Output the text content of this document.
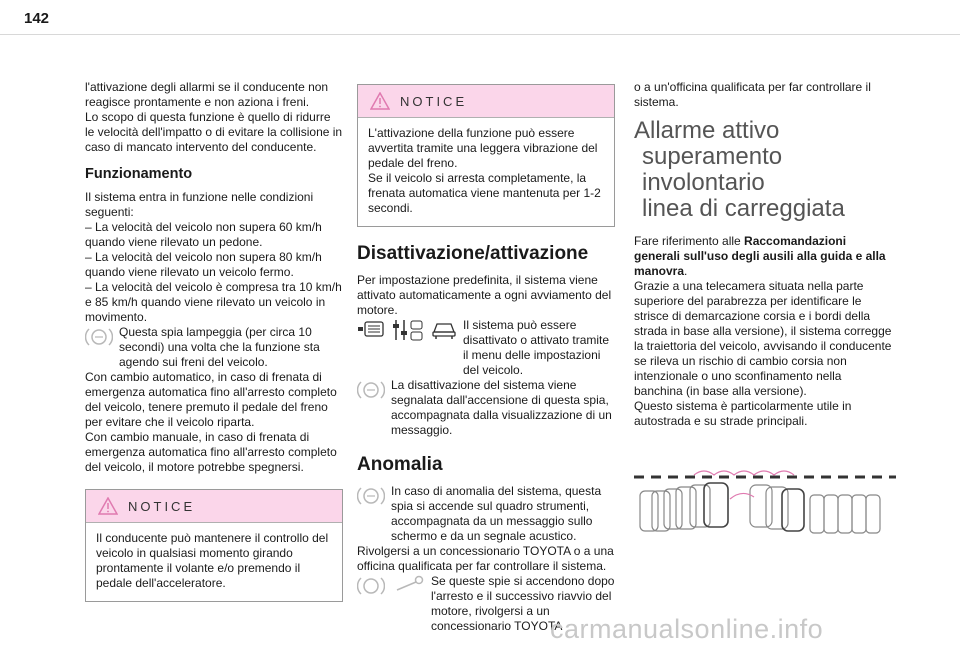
142

l'attivazione degli allarmi se il conducente non reagisce prontamente e non aziona i freni.

Lo scopo di questa funzione è quello di ridurre le velocità dell'impatto o di evitare la collisione in caso di mancato intervento del conducente.

Funzionamento

Il sistema entra in funzione nelle condizioni seguenti:

– La velocità del veicolo non supera 60 km/h quando viene rilevato un pedone.

– La velocità del veicolo non supera 80 km/h quando viene rilevato un veicolo fermo.

– La velocità del veicolo è compresa tra 10 km/h e 85 km/h quando viene rilevato un veicolo in movimento.

Questa spia lampeggia (per circa 10 secondi) una volta che la funzione sta agendo sui freni del veicolo.

Con cambio automatico, in caso di frenata di emergenza automatica fino all'arresto completo del veicolo, tenere premuto il pedale del freno per evitare che il veicolo riparta.

Con cambio manuale, in caso di frenata di emergenza automatica fino all'arresto completo del veicolo, il motore potrebbe spegnersi.

NOTICE

Il conducente può mantenere il controllo del veicolo in qualsiasi momento girando prontamente il volante e/o premendo il pedale dell'acceleratore.

NOTICE

L'attivazione della funzione può essere avvertita tramite una leggera vibrazione del pedale del freno.

Se il veicolo si arresta completamente, la frenata automatica viene mantenuta per 1-2 secondi.

Disattivazione/attivazione

Per impostazione predefinita, il sistema viene attivato automaticamente a ogni avviamento del motore.

Il sistema può essere disattivato o attivato tramite il menu delle impostazioni del veicolo.

La disattivazione del sistema viene segnalata dall'accensione di questa spia, accompagnata dalla visualizzazione di un messaggio.

Anomalia

In caso di anomalia del sistema, questa spia si accende sul quadro strumenti, accompagnata da un messaggio sullo schermo e da un segnale acustico.

Rivolgersi a un concessionario TOYOTA o a una officina qualificata per far controllare il sistema.

Se queste spie si accendono dopo l'arresto e il successivo riavvio del motore, rivolgersi a un concessionario TOYOTA

o a un'officina qualificata per far controllare il sistema.

Allarme attivo
superamento involontario
linea di carreggiata

Fare riferimento alle Raccomandazioni generali sull'uso degli ausili alla guida e alla manovra.

Grazie a una telecamera situata nella parte superiore del parabrezza per identificare le strisce di demarcazione corsia e i bordi della strada in base alla versione), il sistema corregge la traiettoria del veicolo, avvisando il conducente se rileva un rischio di cambio corsia non intenzionale o uno sconfinamento nella banchina (in base alla versione).

Questo sistema è particolarmente utile in autostrada e su strade principali.

carmanualsonline.info
